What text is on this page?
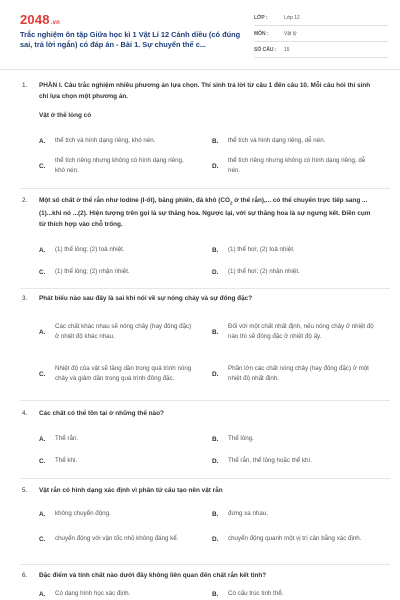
2048.vn
Trắc nghiệm ôn tập Giữa học kì 1 Vật Lí 12 Cánh diều (có đúng sai, trả lời ngắn) có đáp án - Bài 1. Sự chuyển thể c...
LỚP :	Lớp 12
MÔN :	Vật lý
SỐ CÂU :	15
1. PHẦN I. Câu trắc nghiệm nhiều phương án lựa chọn. Thí sinh trả lời từ câu 1 đến câu 10. Mỗi câu hỏi thí sinh chỉ lựa chọn một phương án.
Vật ở thể lỏng có
A.	thể tích và hình dạng riêng, khó nén.	B.	thể tích và hình dạng riêng, dễ nén.
C.
thể tích riêng nhưng không có hình dạng riêng, khó nén.
D.
thể tích riêng nhưng không có hình dạng riêng, dễ nén.
2. Một số chất ở thể rắn như Iodine (I-ốt), băng phiến, đá khô ($CO_2$ ở thể rắn),... có thể chuyển trực tiếp sang ...(1)...khi nó ...(2). Hiện tượng trên gọi là sự thăng hoa. Ngược lại, với sự thăng hoa là sự ngưng kết. Điền cụm từ thích hợp vào chỗ trống.
A.	(1) thể lỏng; (2) toả nhiệt.	B.	(1) thể hơi; (2) toả nhiệt.
C.	(1) thể lỏng; (2) nhận nhiệt.	D.	(1) thể hơi; (2) nhận nhiệt.
3. Phát biểu nào sau đây là sai khi nói về sự nóng chảy và sự đông đặc?
A.
Các chất khác nhau sẽ nóng chảy (hay đông đặc) ở nhiệt độ khác nhau.
B.
Đối với một chất nhất định, nếu nóng chảy ở nhiệt độ nào thì sẽ đông đặc ở nhiệt độ ấy.
C.
Nhiệt độ của vật sẽ tăng dần trong quá trình nóng chảy và giảm dần trong quá trình đông đặc.
D.
Phần lớn các chất nóng chảy (hay đông đặc) ở một nhiệt độ nhất định.
4. Các chất có thể tồn tại ở những thể nào?
A.	Thể rắn.	B.	Thể lỏng.
C.	Thể khí.	D.	Thể rắn, thể lỏng hoặc thể khí.
5. Vật rắn có hình dạng xác định vì phân tử cấu tạo nên vật rắn
A.	không chuyển động.	B.	đứng xa nhau.
C.	chuyển động với vận tốc nhỏ không đáng kể.	D.	chuyển động quanh một vị trí cân bằng xác định.
6. Đặc điểm và tính chất nào dưới đây không liên quan đến chất rắn kết tinh?
A.	Có dạng hình học xác định.	B.	Có cấu trúc tinh thể.
